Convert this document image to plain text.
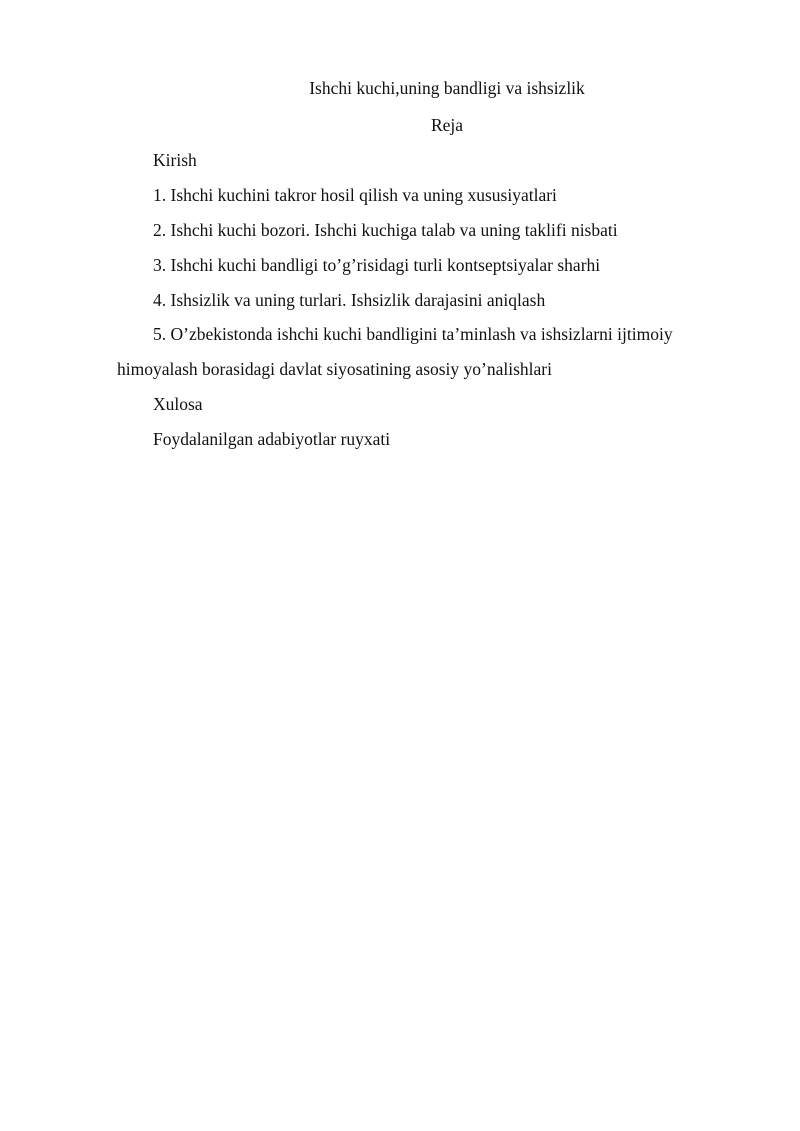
Ishchi kuchi,uning bandligi va ishsizlik
Reja
Kirish
1. Ishchi kuchini takror hosil qilish va uning xususiyatlari
2. Ishchi kuchi bozori. Ishchi kuchiga talab va uning taklifi nisbati
3. Ishchi kuchi bandligi to’g’risidagi turli kontseptsiyalar sharhi
4. Ishsizlik va uning turlari. Ishsizlik darajasini aniqlash
5. O’zbekistonda ishchi kuchi bandligini ta’minlash va ishsizlarni ijtimoiy
himoyalash borasidagi davlat siyosatining asosiy yo’nalishlari
Xulosa
Foydalanilgan adabiyotlar ruyxati
